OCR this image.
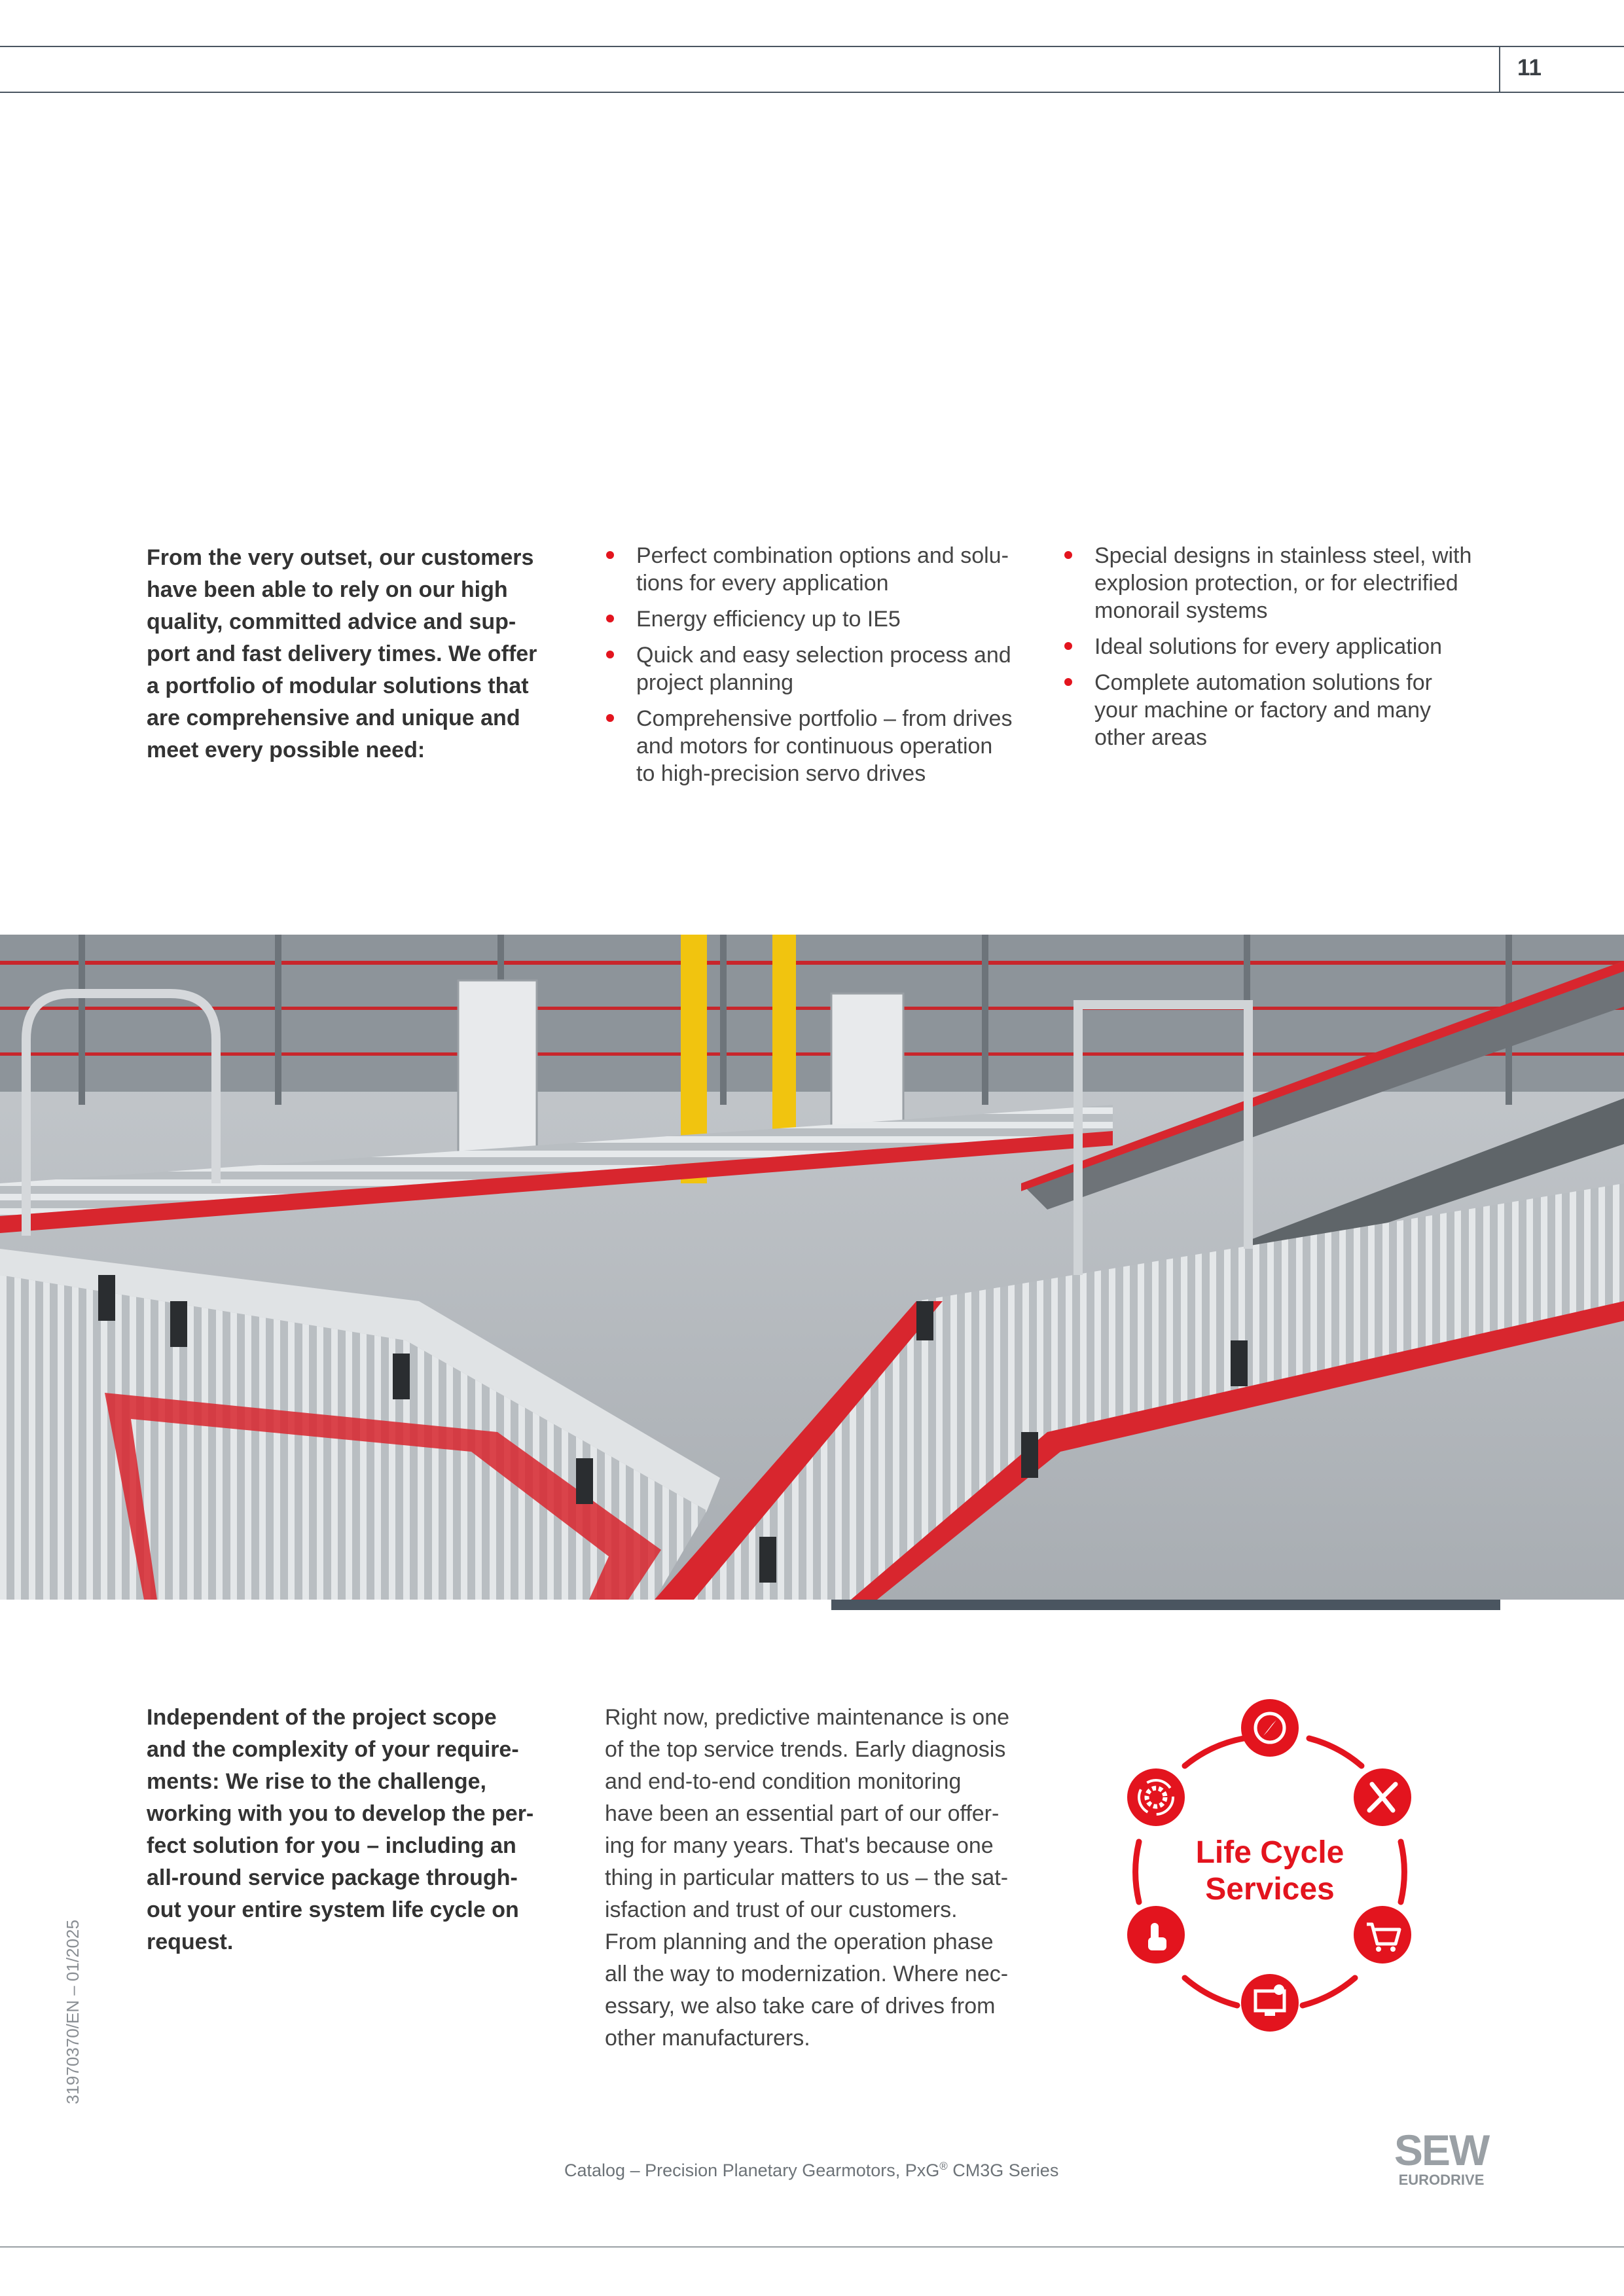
11
From the very outset, our customers
have been able to rely on our high
quality, committed advice and sup-
port and fast delivery times. We offer
a portfolio of modular solutions that
are comprehensive and unique and
meet every possible need:
Perfect combination options and solu-
tions for every application
Energy efficiency up to IE5
Quick and easy selection process and
project planning
Comprehensive portfolio – from drives
and motors for continuous operation
to high-precision servo drives
Special designs in stainless steel, with
explosion protection, or for electrified
monorail systems
Ideal solutions for every application
Complete automation solutions for
your machine or factory and many
other areas
Independent of the project scope
and the complexity of your require-
ments: We rise to the challenge,
working with you to develop the per-
fect solution for you – including an
all-round service package through-
out your entire system life cycle on
request.
Right now, predictive maintenance is one
of the top service trends. Early diagnosis
and end-to-end condition monitoring
have been an essential part of our offer-
ing for many years. That's because one
thing in particular matters to us – the sat-
isfaction and trust of our customers.
From planning and the operation phase
all the way to modernization. Where nec-
essary, we also take care of drives from
other manufacturers.
Life Cycle
Services
31970370/EN – 01/2025
Catalog – Precision Planetary Gearmotors, PxG® CM3G Series	SEW
EURODRIVE
